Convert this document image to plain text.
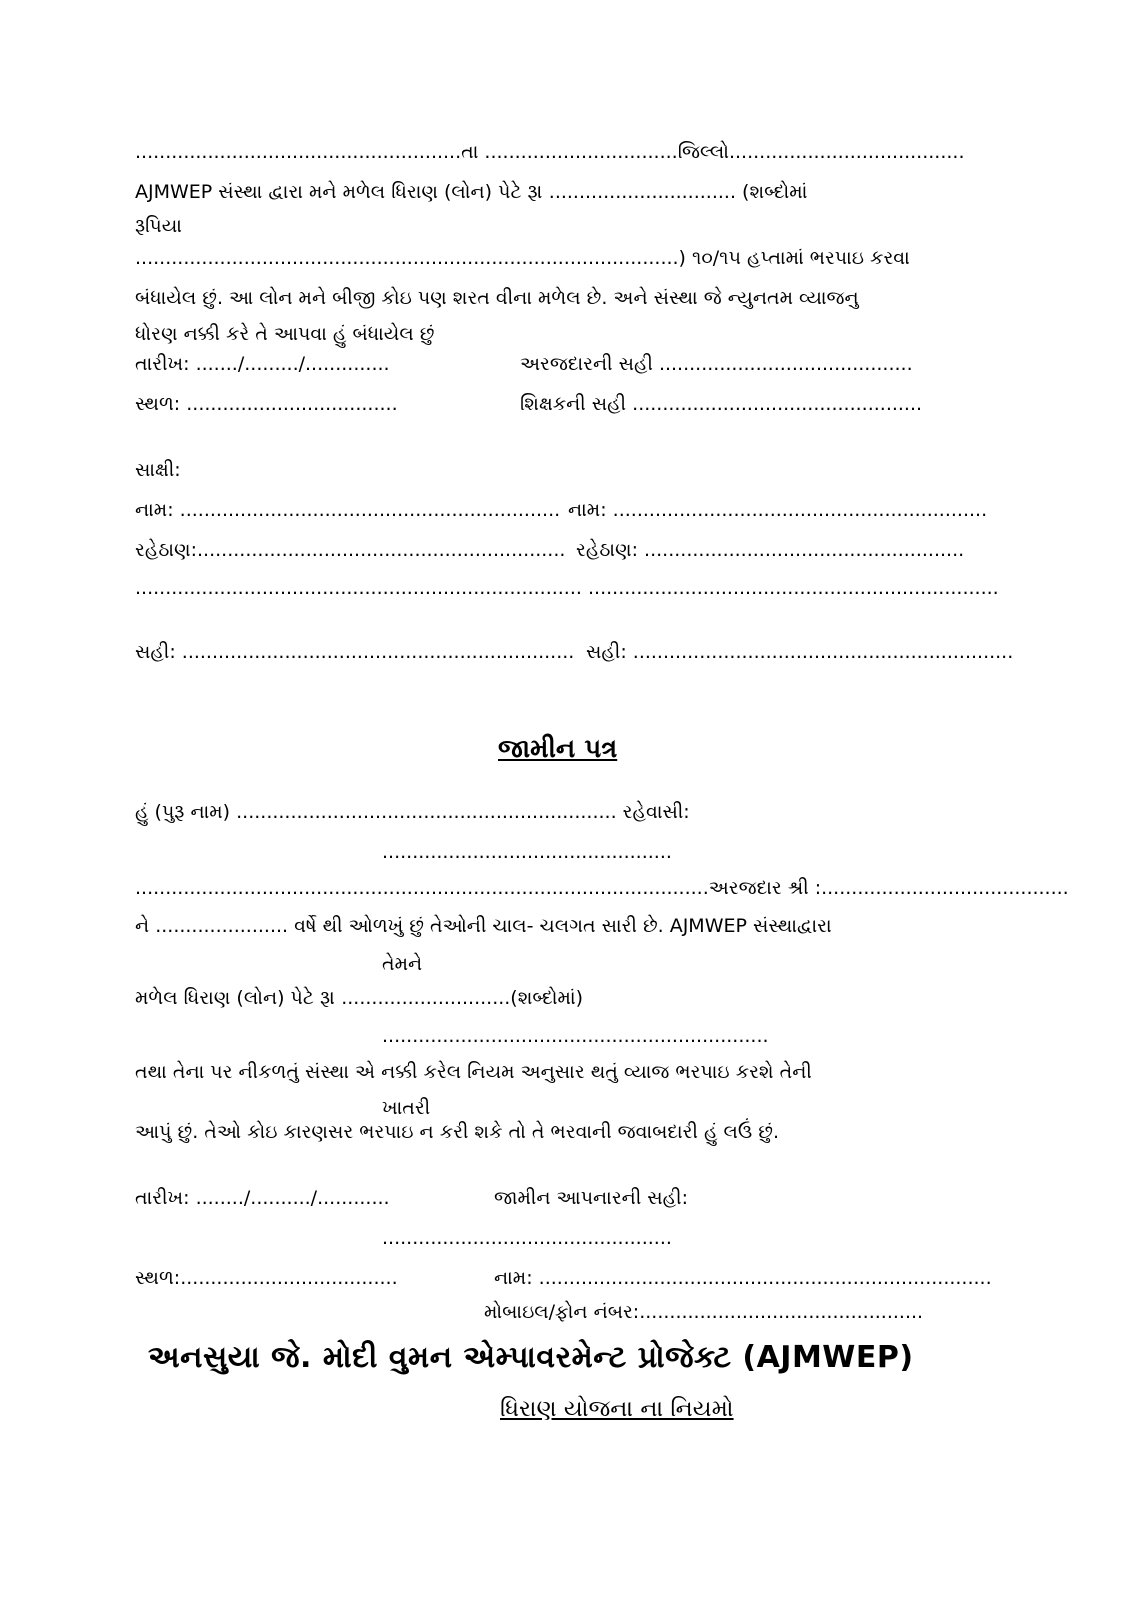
......................................................તા ................................જિલ્લો.......................................
AJMWEP સંસ્થા દ્વારા મને મળેલ ધિરાણ (લોન) પેટે રૂ। ............................... (શબ્દોમાં
રૂપિયા
..........................................................................................) ૧૦/૧૫ હપ્તામાં ભરપાઇ કરવા
બંધાયેલ છું. આ લોન મને બીજી કોઇ પણ શરત વીના મળેલ છે. અને સંસ્થા જે ન્યુનતમ વ્યાજનુ
ધોરણ નક્કી કરે તે આપવા હું બંધાયેલ છું
તારીખ: ......./........./..............	અરજદારની સહી ..........................................
સ્થળ: ...................................	શિક્ષકની સહી ................................................
સાક્ષી:
નામ: ............................................................... નામ: ..............................................................
રહેઠાણ:............................................................. રહેઠાણ: .....................................................
.......................................................................... ....................................................................
સહી: ................................................................. સહી: ...............................................................
જામીન પત્ર
હું (પુરૂ નામ) ............................................................... રહેવાસી:
................................................
...............................................................................................અરજદાર શ્રી :.........................................
ને ...................... વર્ષે થી ઓળખું છું તેઓની ચાલ- ચલગત સારી છે. AJMWEP સંસ્થાદ્વારા
તેમને
મળેલ ધિરાણ (લોન) પેટે રૂ। ............................(શબ્દોમાં)
................................................................
તથા તેના પર નીકળતું સંસ્થા એ નક્કી કરેલ નિયમ અનુસાર થતું વ્યાજ ભરપાઇ કરશે તેની
ખાતરી
આપું છું. તેઓ કોઇ કારણસર ભરપાઇ ન કરી શકે તો તે ભરવાની જવાબદારી હું લઉં છું.
તારીખ: ......../........../............	જામીન આપનારની સહી:
................................................
સ્થળ:....................................	નામ: ...........................................................................
મોબાઇલ/ફોન નંબર:...............................................
અનસુયા જે. મોદી વુમન એમ્પાવરમેન્ટ પ્રોજેક્ટ (AJMWEP)
ધિરાણ યોજના ના નિયમો
